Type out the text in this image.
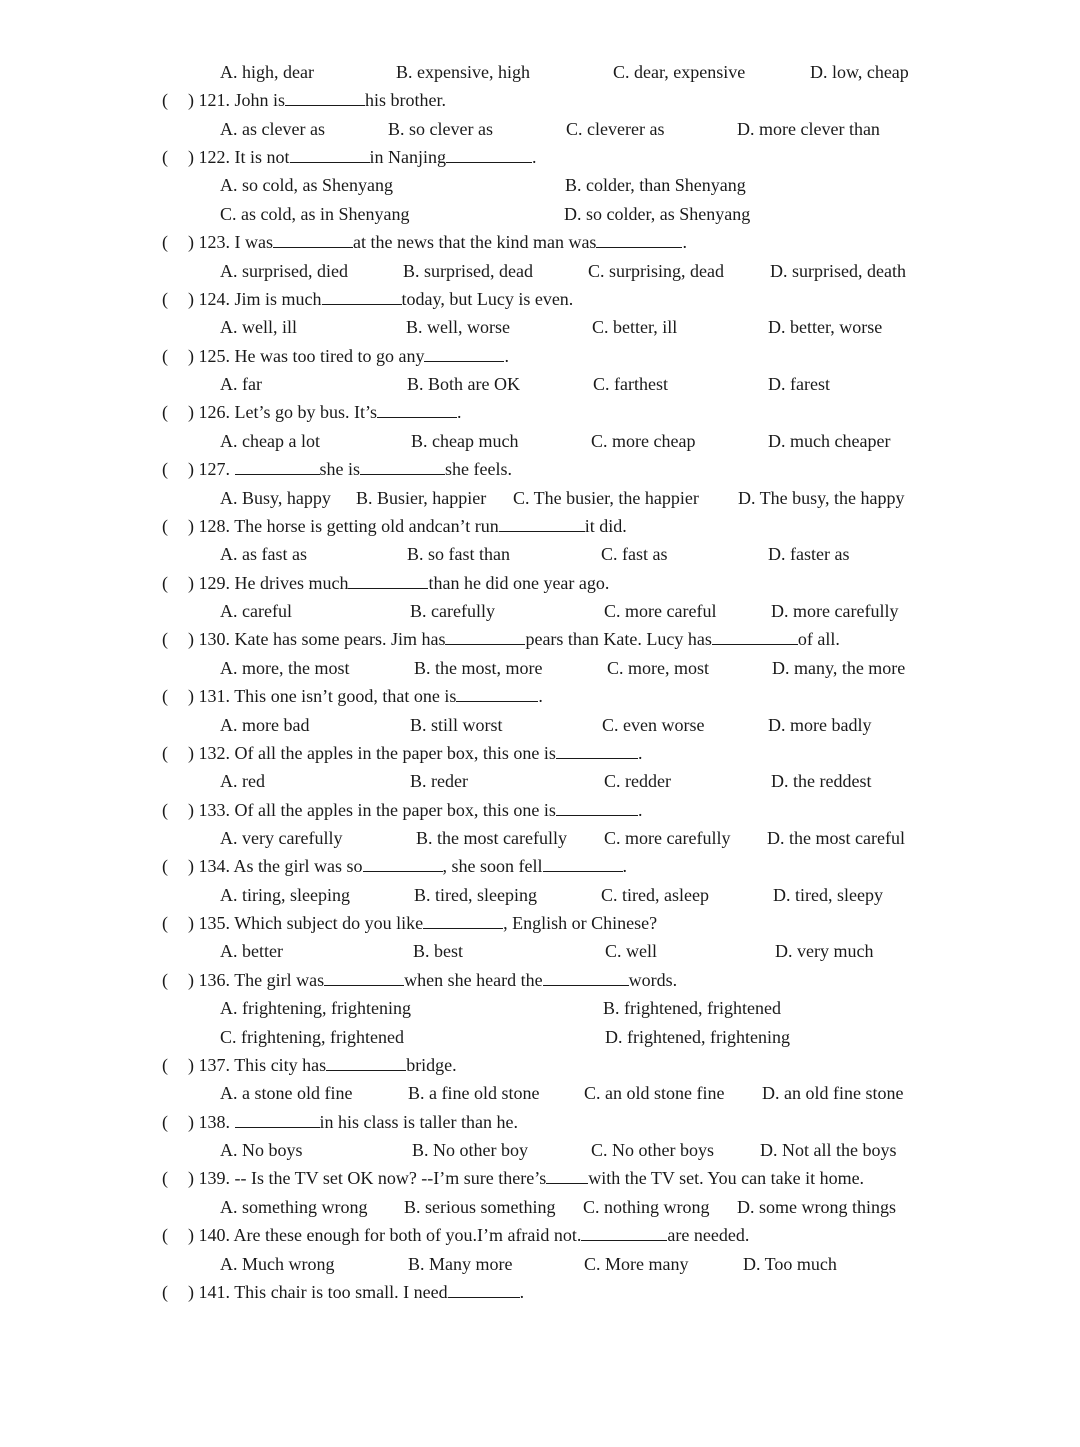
A. high, dear	B. expensive, high	C. dear, expensive	D. low, cheap
( ) 121. John is	his brother.
A. as clever as	B. so clever as	C. cleverer as	D. more clever than
( ) 122. It is not	in Nanjing	.
A. so cold, as Shenyang	B. colder, than Shenyang
C. as cold, as in Shenyang	D. so colder, as Shenyang
( ) 123. I was	at the news that the kind man was	.
A. surprised, died	B. surprised, dead	C. surprising, dead	D. surprised, death
( ) 124. Jim is much	today, but Lucy is even.
A. well, ill	B. well, worse	C. better, ill	D. better, worse
( ) 125. He was too tired to go any	.
A. far	B. Both are OK	C. farthest	D. farest
( ) 126. Let’s go by bus. It’s	.
A. cheap a lot	B. cheap much	C. more cheap	D. much cheaper
( ) 127.	she is	she feels.
A. Busy, happy B. Busier, happier C. The busier, the happier D. The busy, the happy
( ) 128. The horse is getting old andcan’t run	it did.
A. as fast as	B. so fast than	C. fast as	D. faster as
( ) 129. He drives much	than he did one year ago.
A. careful	B. carefully	C. more careful	D. more carefully
( ) 130. Kate has some pears. Jim has	pears than Kate. Lucy has	of all.
A. more, the most	B. the most, more	C. more, most	D. many, the more
( ) 131. This one isn’t good, that one is	.
A. more bad	B. still worst	C. even worse	D. more badly
( ) 132. Of all the apples in the paper box, this one is	.
A. red	B. reder	C. redder	D. the reddest
( ) 133. Of all the apples in the paper box, this one is	.
A. very carefully	B. the most carefully C. more carefully D. the most careful
( ) 134. As the girl was so	, she soon fell	.
A. tiring, sleeping	B. tired, sleeping	C. tired, asleep	D. tired, sleepy
( ) 135. Which subject do you like	, English or Chinese?
A. better	B. best	C. well	D. very much
( ) 136. The girl was	when she heard the	words.
A. frightening, frightening	B. frightened, frightened
C. frightening, frightened	D. frightened, frightening
( ) 137. This city has	bridge.
A. a stone old fine	B. a fine old stone C. an old stone fine D. an old fine stone
( ) 138.	in his class is taller than he.
A. No boys	B. No other boy	C. No other boys	D. Not all the boys
( ) 139. -- Is the TV set OK now? --I’m sure there’s with the TV set. You can take it home.
A. something wrong B. serious something C. nothing wrong D. some wrong things
( ) 140. Are these enough for both of you.I’m afraid not.	are needed.
A. Much wrong	B. Many more	C. More many	D. Too much
( ) 141. This chair is too small. I need	.
